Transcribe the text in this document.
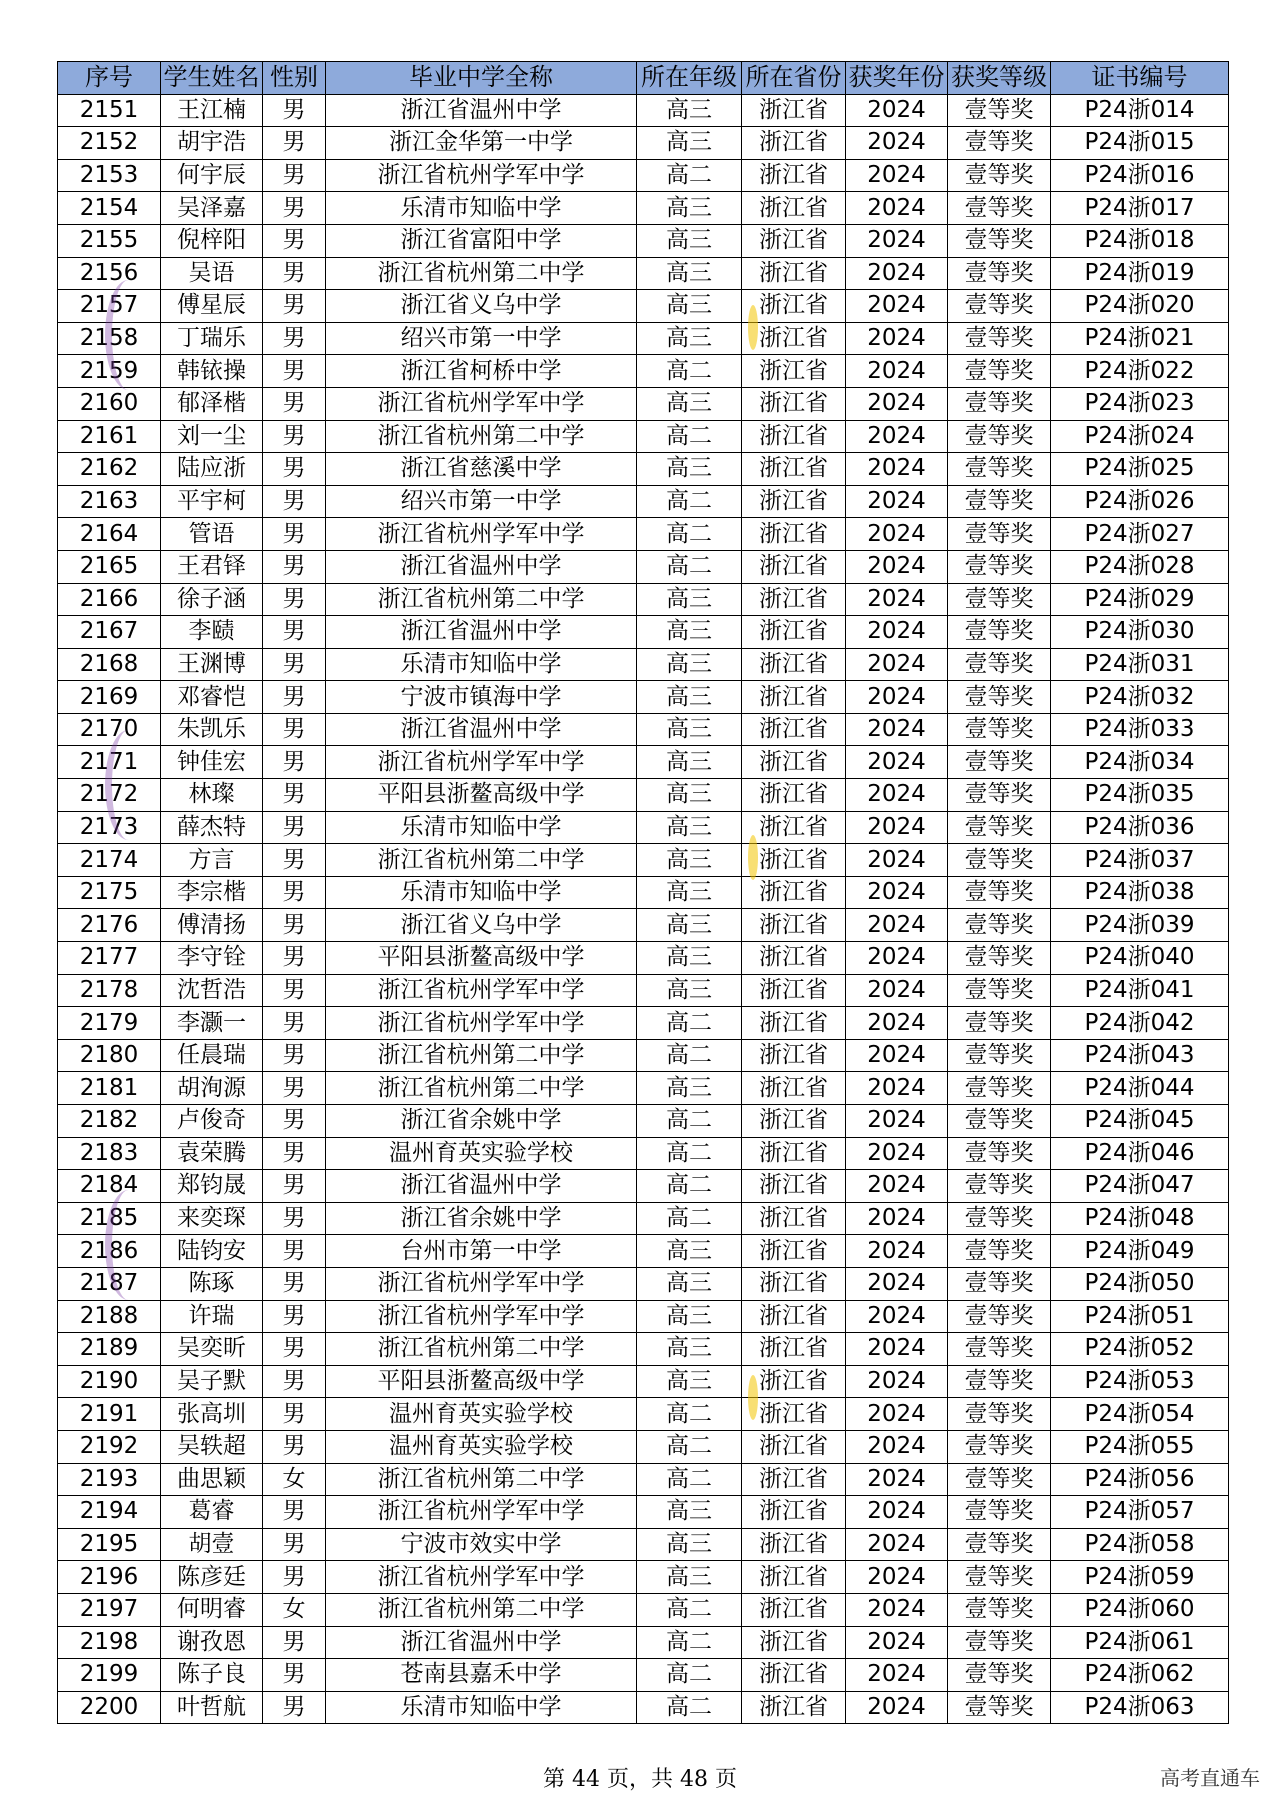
序号	学生姓名	性别	毕业中学全称	所在年级	所在省份	获奖年份	获奖等级	证书编号
2151	王江楠	男	浙江省温州中学	高三	浙江省	2024	壹等奖	P24浙014
2152	胡宇浩	男	浙江金华第一中学	高三	浙江省	2024	壹等奖	P24浙015
2153	何宇辰	男	浙江省杭州学军中学	高二	浙江省	2024	壹等奖	P24浙016
2154	吴泽嘉	男	乐清市知临中学	高三	浙江省	2024	壹等奖	P24浙017
2155	倪梓阳	男	浙江省富阳中学	高三	浙江省	2024	壹等奖	P24浙018
2156	吴语	男	浙江省杭州第二中学	高三	浙江省	2024	壹等奖	P24浙019
2157	傅星辰	男	浙江省义乌中学	高三	浙江省	2024	壹等奖	P24浙020
2158	丁瑞乐	男	绍兴市第一中学	高三	浙江省	2024	壹等奖	P24浙021
2159	韩铱操	男	浙江省柯桥中学	高二	浙江省	2024	壹等奖	P24浙022
2160	郁泽楷	男	浙江省杭州学军中学	高三	浙江省	2024	壹等奖	P24浙023
2161	刘一尘	男	浙江省杭州第二中学	高二	浙江省	2024	壹等奖	P24浙024
2162	陆应浙	男	浙江省慈溪中学	高三	浙江省	2024	壹等奖	P24浙025
2163	平宇柯	男	绍兴市第一中学	高二	浙江省	2024	壹等奖	P24浙026
2164	管语	男	浙江省杭州学军中学	高二	浙江省	2024	壹等奖	P24浙027
2165	王君铎	男	浙江省温州中学	高二	浙江省	2024	壹等奖	P24浙028
2166	徐子涵	男	浙江省杭州第二中学	高三	浙江省	2024	壹等奖	P24浙029
2167	李赜	男	浙江省温州中学	高三	浙江省	2024	壹等奖	P24浙030
2168	王渊博	男	乐清市知临中学	高三	浙江省	2024	壹等奖	P24浙031
2169	邓睿恺	男	宁波市镇海中学	高三	浙江省	2024	壹等奖	P24浙032
2170	朱凯乐	男	浙江省温州中学	高三	浙江省	2024	壹等奖	P24浙033
2171	钟佳宏	男	浙江省杭州学军中学	高三	浙江省	2024	壹等奖	P24浙034
2172	林璨	男	平阳县浙鳌高级中学	高三	浙江省	2024	壹等奖	P24浙035
2173	薛杰特	男	乐清市知临中学	高三	浙江省	2024	壹等奖	P24浙036
2174	方言	男	浙江省杭州第二中学	高三	浙江省	2024	壹等奖	P24浙037
2175	李宗楷	男	乐清市知临中学	高三	浙江省	2024	壹等奖	P24浙038
2176	傅清扬	男	浙江省义乌中学	高三	浙江省	2024	壹等奖	P24浙039
2177	李守铨	男	平阳县浙鳌高级中学	高三	浙江省	2024	壹等奖	P24浙040
2178	沈哲浩	男	浙江省杭州学军中学	高三	浙江省	2024	壹等奖	P24浙041
2179	李灏一	男	浙江省杭州学军中学	高二	浙江省	2024	壹等奖	P24浙042
2180	任晨瑞	男	浙江省杭州第二中学	高二	浙江省	2024	壹等奖	P24浙043
2181	胡洵源	男	浙江省杭州第二中学	高三	浙江省	2024	壹等奖	P24浙044
2182	卢俊奇	男	浙江省余姚中学	高二	浙江省	2024	壹等奖	P24浙045
2183	袁荣腾	男	温州育英实验学校	高二	浙江省	2024	壹等奖	P24浙046
2184	郑钧晟	男	浙江省温州中学	高二	浙江省	2024	壹等奖	P24浙047
2185	来奕琛	男	浙江省余姚中学	高二	浙江省	2024	壹等奖	P24浙048
2186	陆钧安	男	台州市第一中学	高三	浙江省	2024	壹等奖	P24浙049
2187	陈琢	男	浙江省杭州学军中学	高三	浙江省	2024	壹等奖	P24浙050
2188	许瑞	男	浙江省杭州学军中学	高三	浙江省	2024	壹等奖	P24浙051
2189	吴奕昕	男	浙江省杭州第二中学	高三	浙江省	2024	壹等奖	P24浙052
2190	吴子默	男	平阳县浙鳌高级中学	高三	浙江省	2024	壹等奖	P24浙053
2191	张高圳	男	温州育英实验学校	高二	浙江省	2024	壹等奖	P24浙054
2192	吴轶超	男	温州育英实验学校	高二	浙江省	2024	壹等奖	P24浙055
2193	曲思颖	女	浙江省杭州第二中学	高二	浙江省	2024	壹等奖	P24浙056
2194	葛睿	男	浙江省杭州学军中学	高三	浙江省	2024	壹等奖	P24浙057
2195	胡壹	男	宁波市效实中学	高三	浙江省	2024	壹等奖	P24浙058
2196	陈彦廷	男	浙江省杭州学军中学	高三	浙江省	2024	壹等奖	P24浙059
2197	何明睿	女	浙江省杭州第二中学	高二	浙江省	2024	壹等奖	P24浙060
2198	谢孜恩	男	浙江省温州中学	高二	浙江省	2024	壹等奖	P24浙061
2199	陈子良	男	苍南县嘉禾中学	高二	浙江省	2024	壹等奖	P24浙062
2200	叶哲航	男	乐清市知临中学	高二	浙江省	2024	壹等奖	P24浙063
第 44 页，共 48 页	高考直通车
